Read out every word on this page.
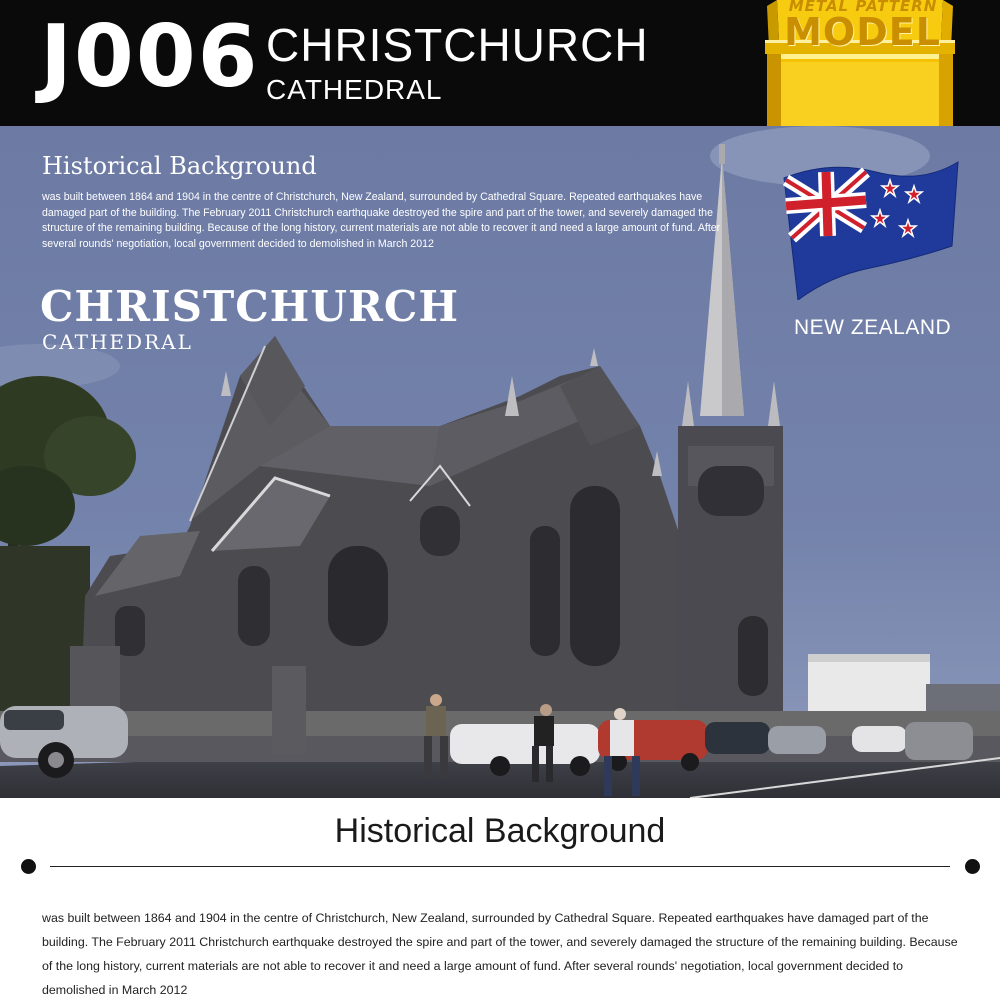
J006 CHRISTCHURCH
CATHEDRAL
METAL PATTERN
MODEL
Historical Background
was built between 1864 and 1904 in the centre of Christchurch, New Zealand, surrounded by Cathedral Square. Repeated earthquakes have damaged part of the building. The February 2011 Christchurch earthquake destroyed the spire and part of the tower, and severely damaged the structure of the remaining building. Because of the long history, current materials are not able to recover it and need a large amount of fund. After several rounds' negotiation, local government decided to demolished in March 2012
CHRISTCHURCH
CATHEDRAL
NEW ZEALAND
Historical Background
was built between 1864 and 1904 in the centre of Christchurch, New Zealand, surrounded by Cathedral Square. Repeated earthquakes have damaged part of the building. The February 2011 Christchurch earthquake destroyed the spire and part of the tower, and severely damaged the structure of the remaining building. Because of the long history, current materials are not able to recover it and need a large amount of fund. After several rounds' negotiation, local government decided to demolished in March 2012
